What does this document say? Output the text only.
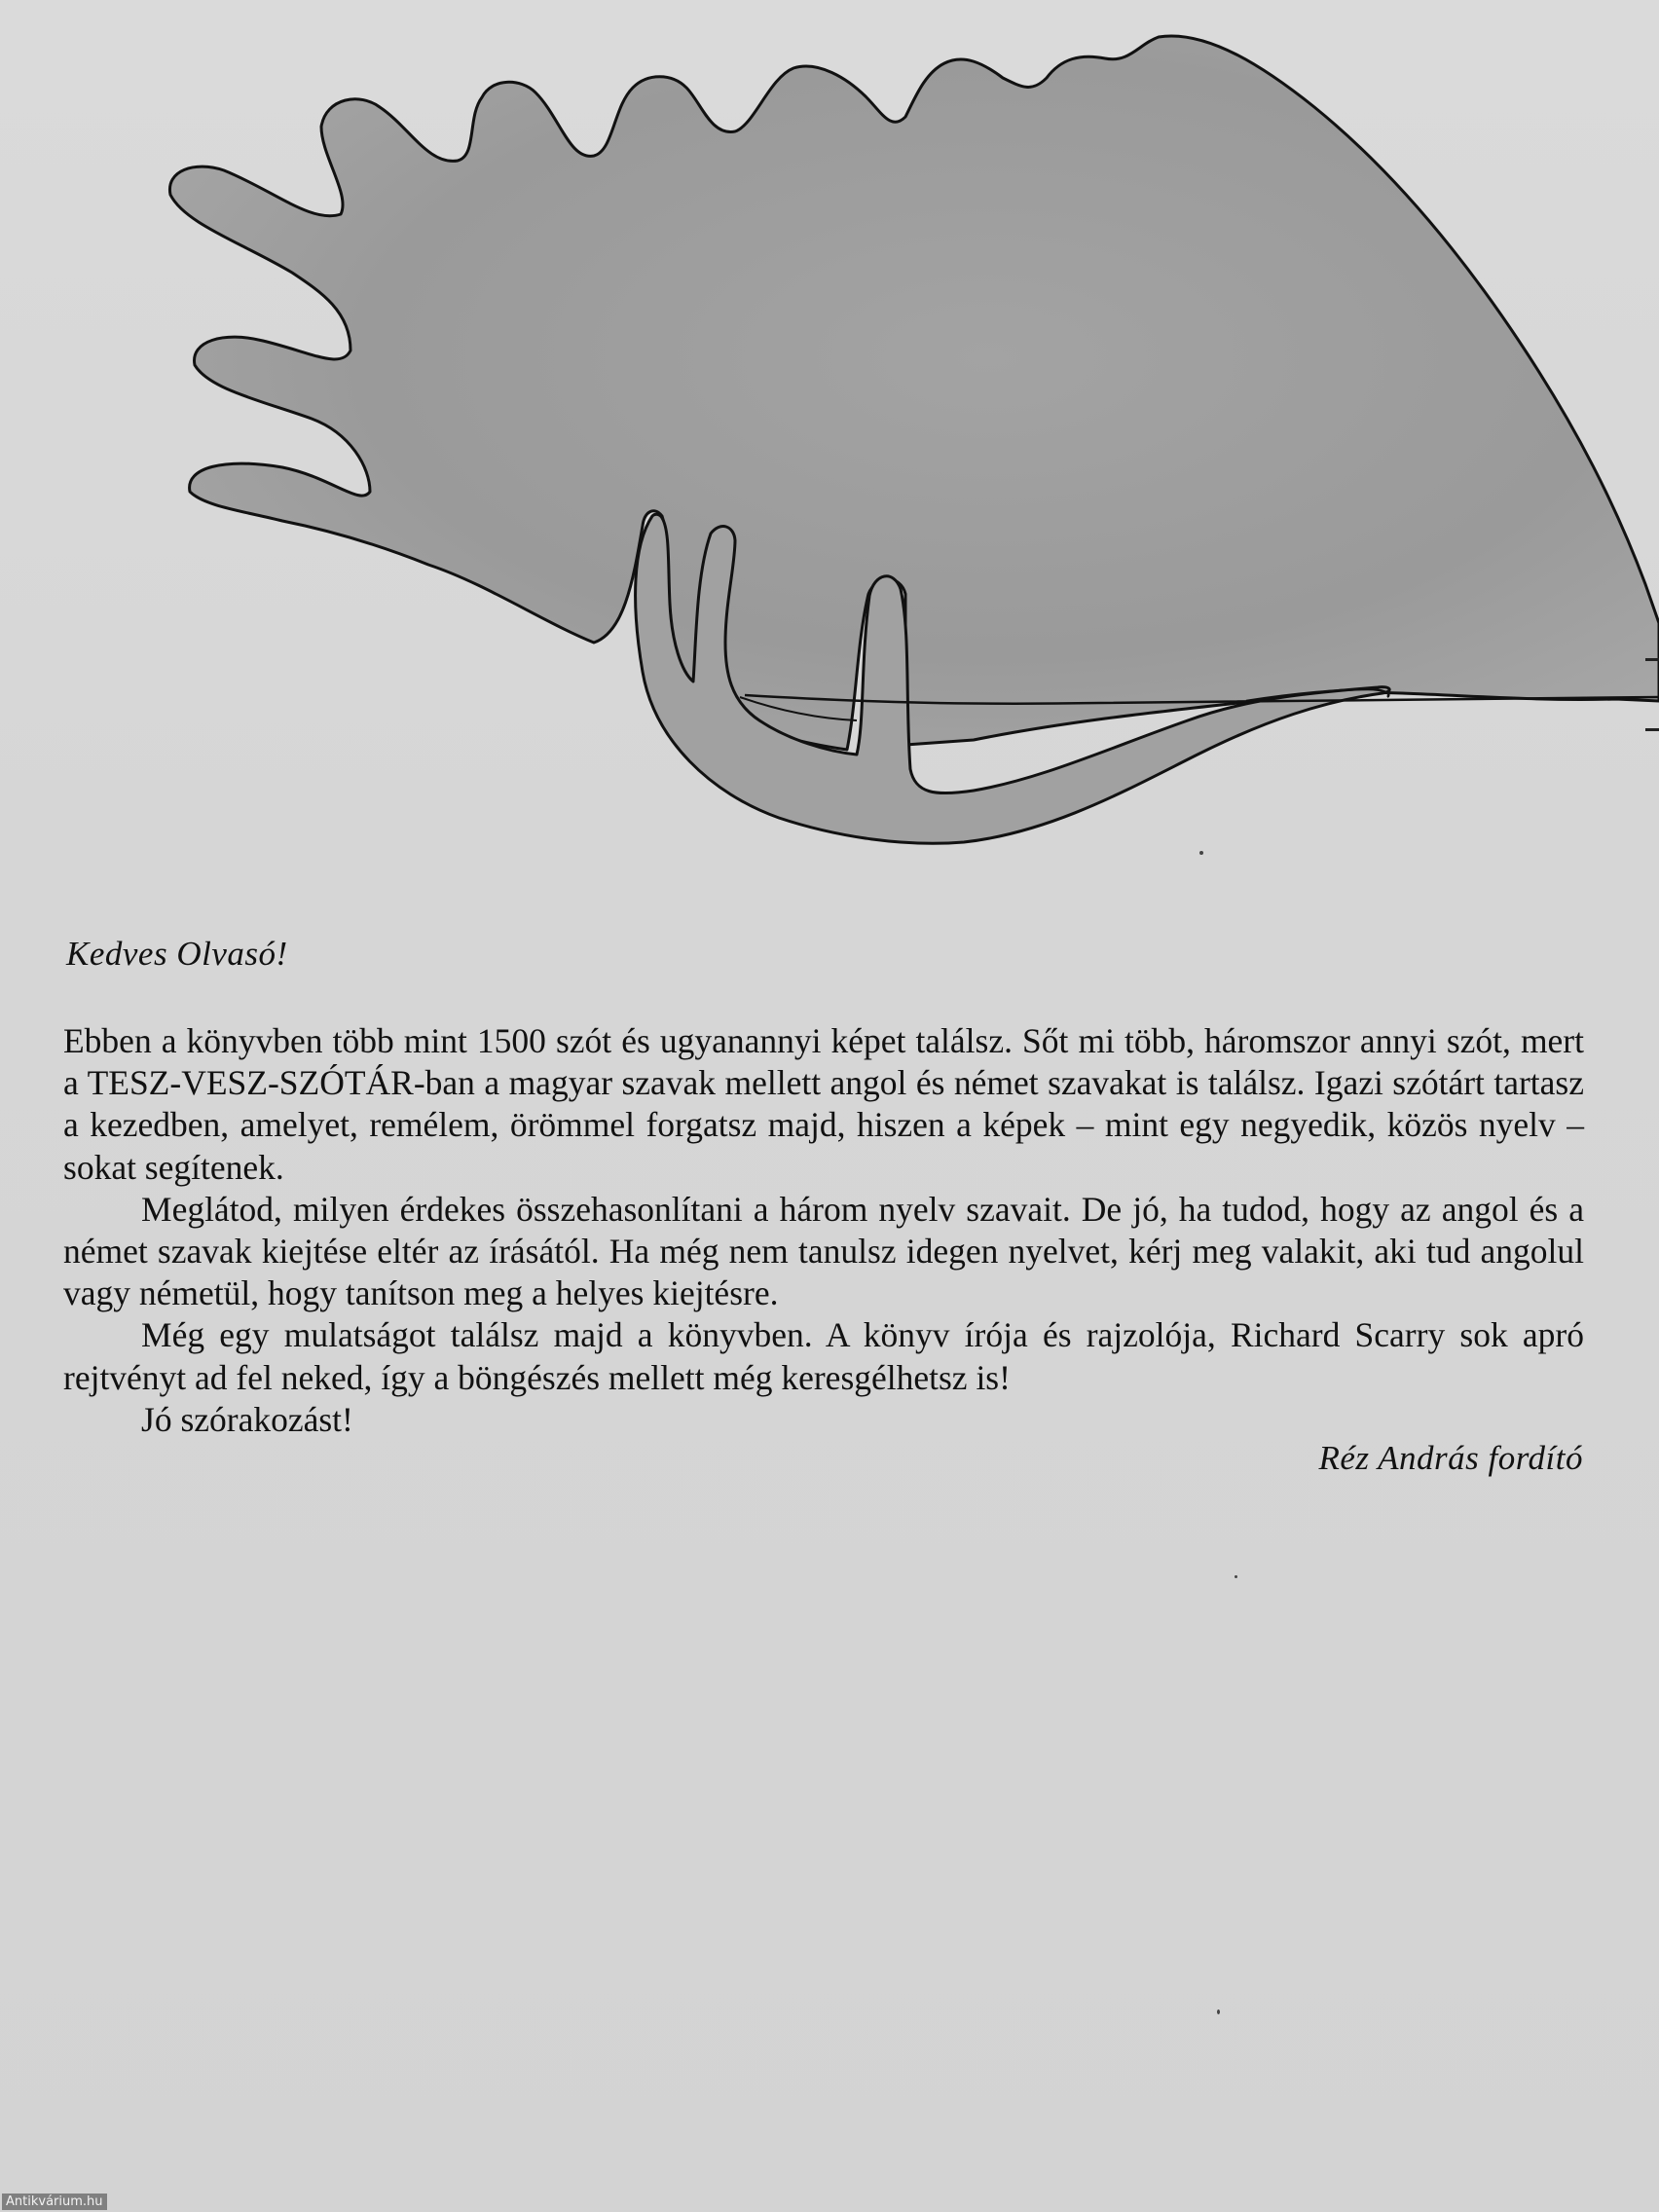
Kedves Olvasó!

Ebben a könyvben több mint 1500 szót és ugyanannyi képet találsz. Sőt mi több, háromszor annyi szót, mert a TESZ-VESZ-SZÓTÁR-ban a magyar szavak mellett angol és német szavakat is találsz. Igazi szótárt tartasz a kezedben, amelyet, remélem, örömmel forgatsz majd, hiszen a képek – mint egy negyedik, közös nyelv – sokat segítenek.

Meglátod, milyen érdekes összehasonlítani a három nyelv szavait. De jó, ha tudod, hogy az angol és a német szavak kiejtése eltér az írásától. Ha még nem tanulsz idegen nyelvet, kérj meg valakit, aki tud angolul vagy németül, hogy tanítson meg a helyes kiejtésre.

Még egy mulatságot találsz majd a könyvben. A könyv írója és rajzolója, Richard Scarry sok apró rejtvényt ad fel neked, így a böngészés mellett még keresgélhetsz is!

Jó szórakozást!

Réz András fordító
Antikvárium.hu
